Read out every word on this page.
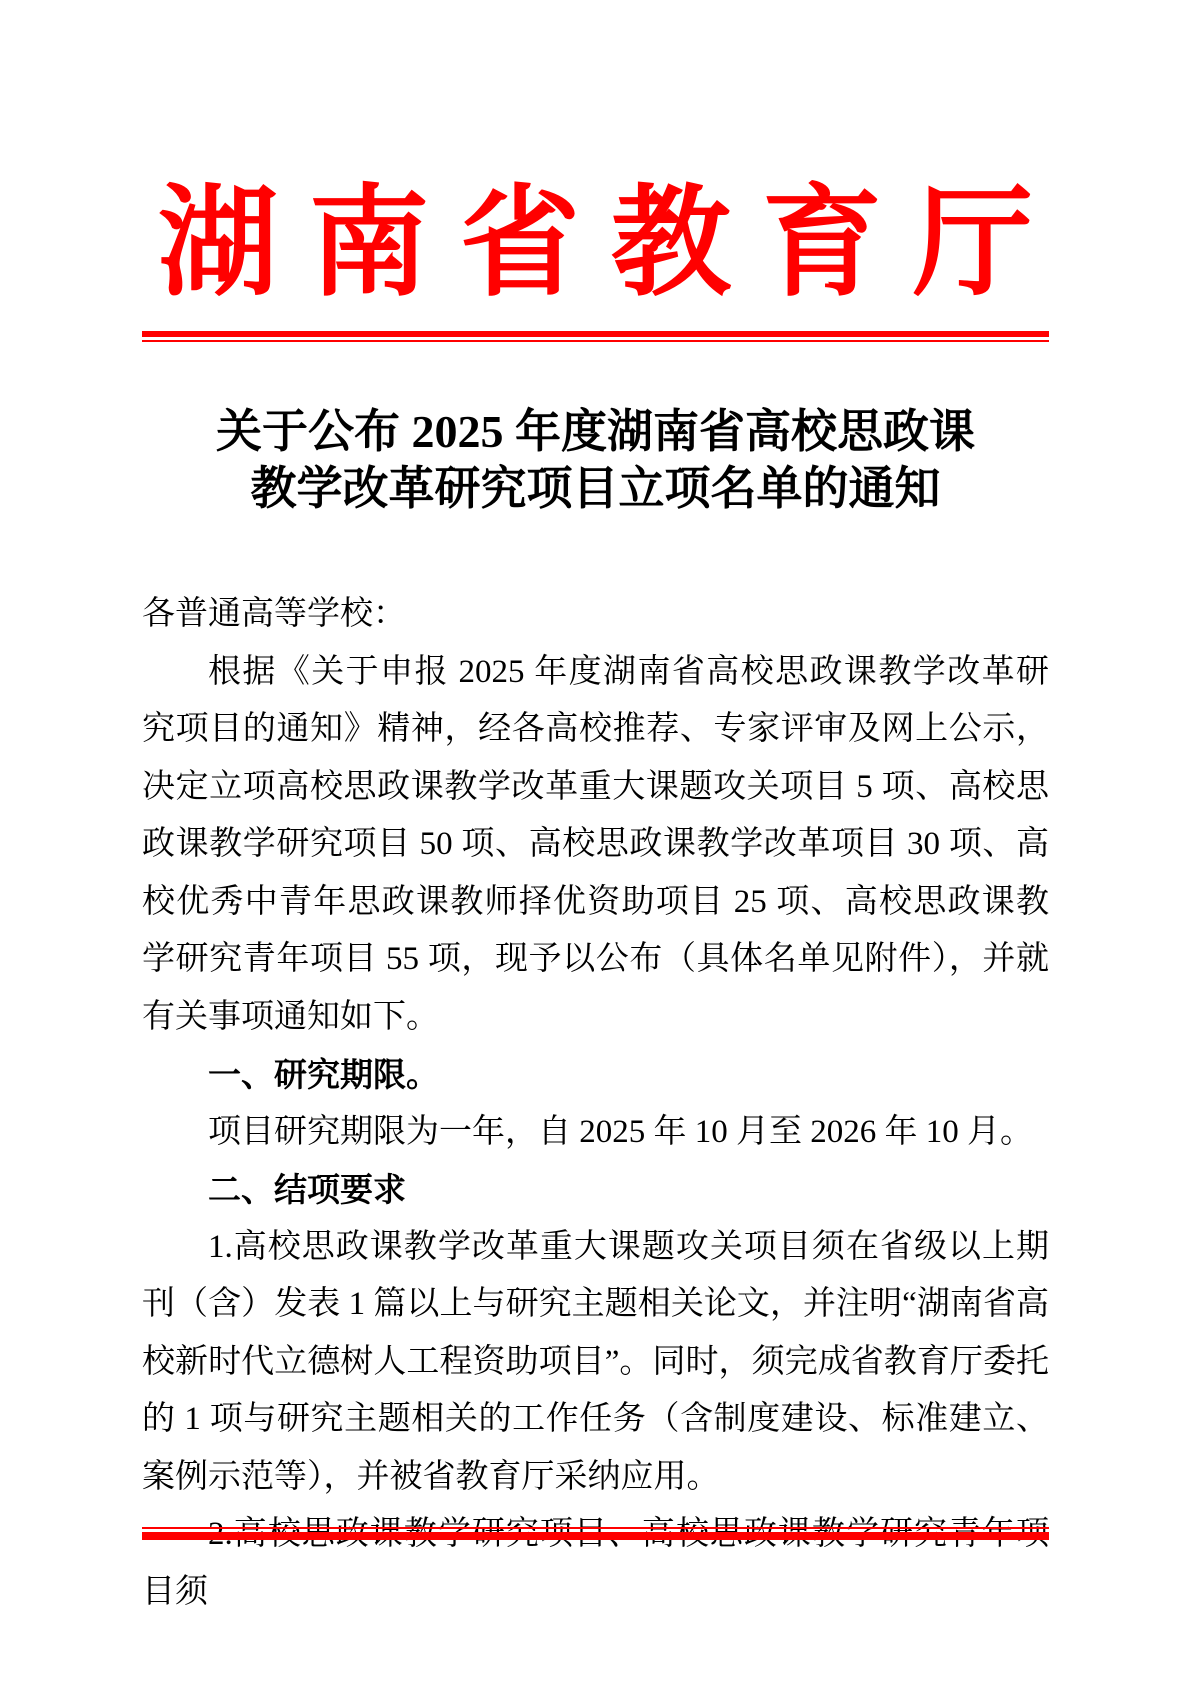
湖 南 省 教 育 厅
关于公布 2025 年度湖南省高校思政课
教学改革研究项目立项名单的通知

各普通高等学校：

根据《关于申报 2025 年度湖南省高校思政课教学改革研究项目的通知》精神，经各高校推荐、专家评审及网上公示，决定立项高校思政课教学改革重大课题攻关项目 5 项、高校思政课教学研究项目 50 项、高校思政课教学改革项目 30 项、高校优秀中青年思政课教师择优资助项目 25 项、高校思政课教学研究青年项目 55 项，现予以公布（具体名单见附件），并就有关事项通知如下。

一、研究期限。

项目研究期限为一年，自 2025 年 10 月至 2026 年 10 月。

二、结项要求

1.高校思政课教学改革重大课题攻关项目须在省级以上期刊（含）发表 1 篇以上与研究主题相关论文，并注明“湖南省高校新时代立德树人工程资助项目”。同时，须完成省教育厅委托的 1 项与研究主题相关的工作任务（含制度建设、标准建立、案例示范等），并被省教育厅采纳应用。

2.高校思政课教学研究项目、高校思政课教学研究青年项目须
